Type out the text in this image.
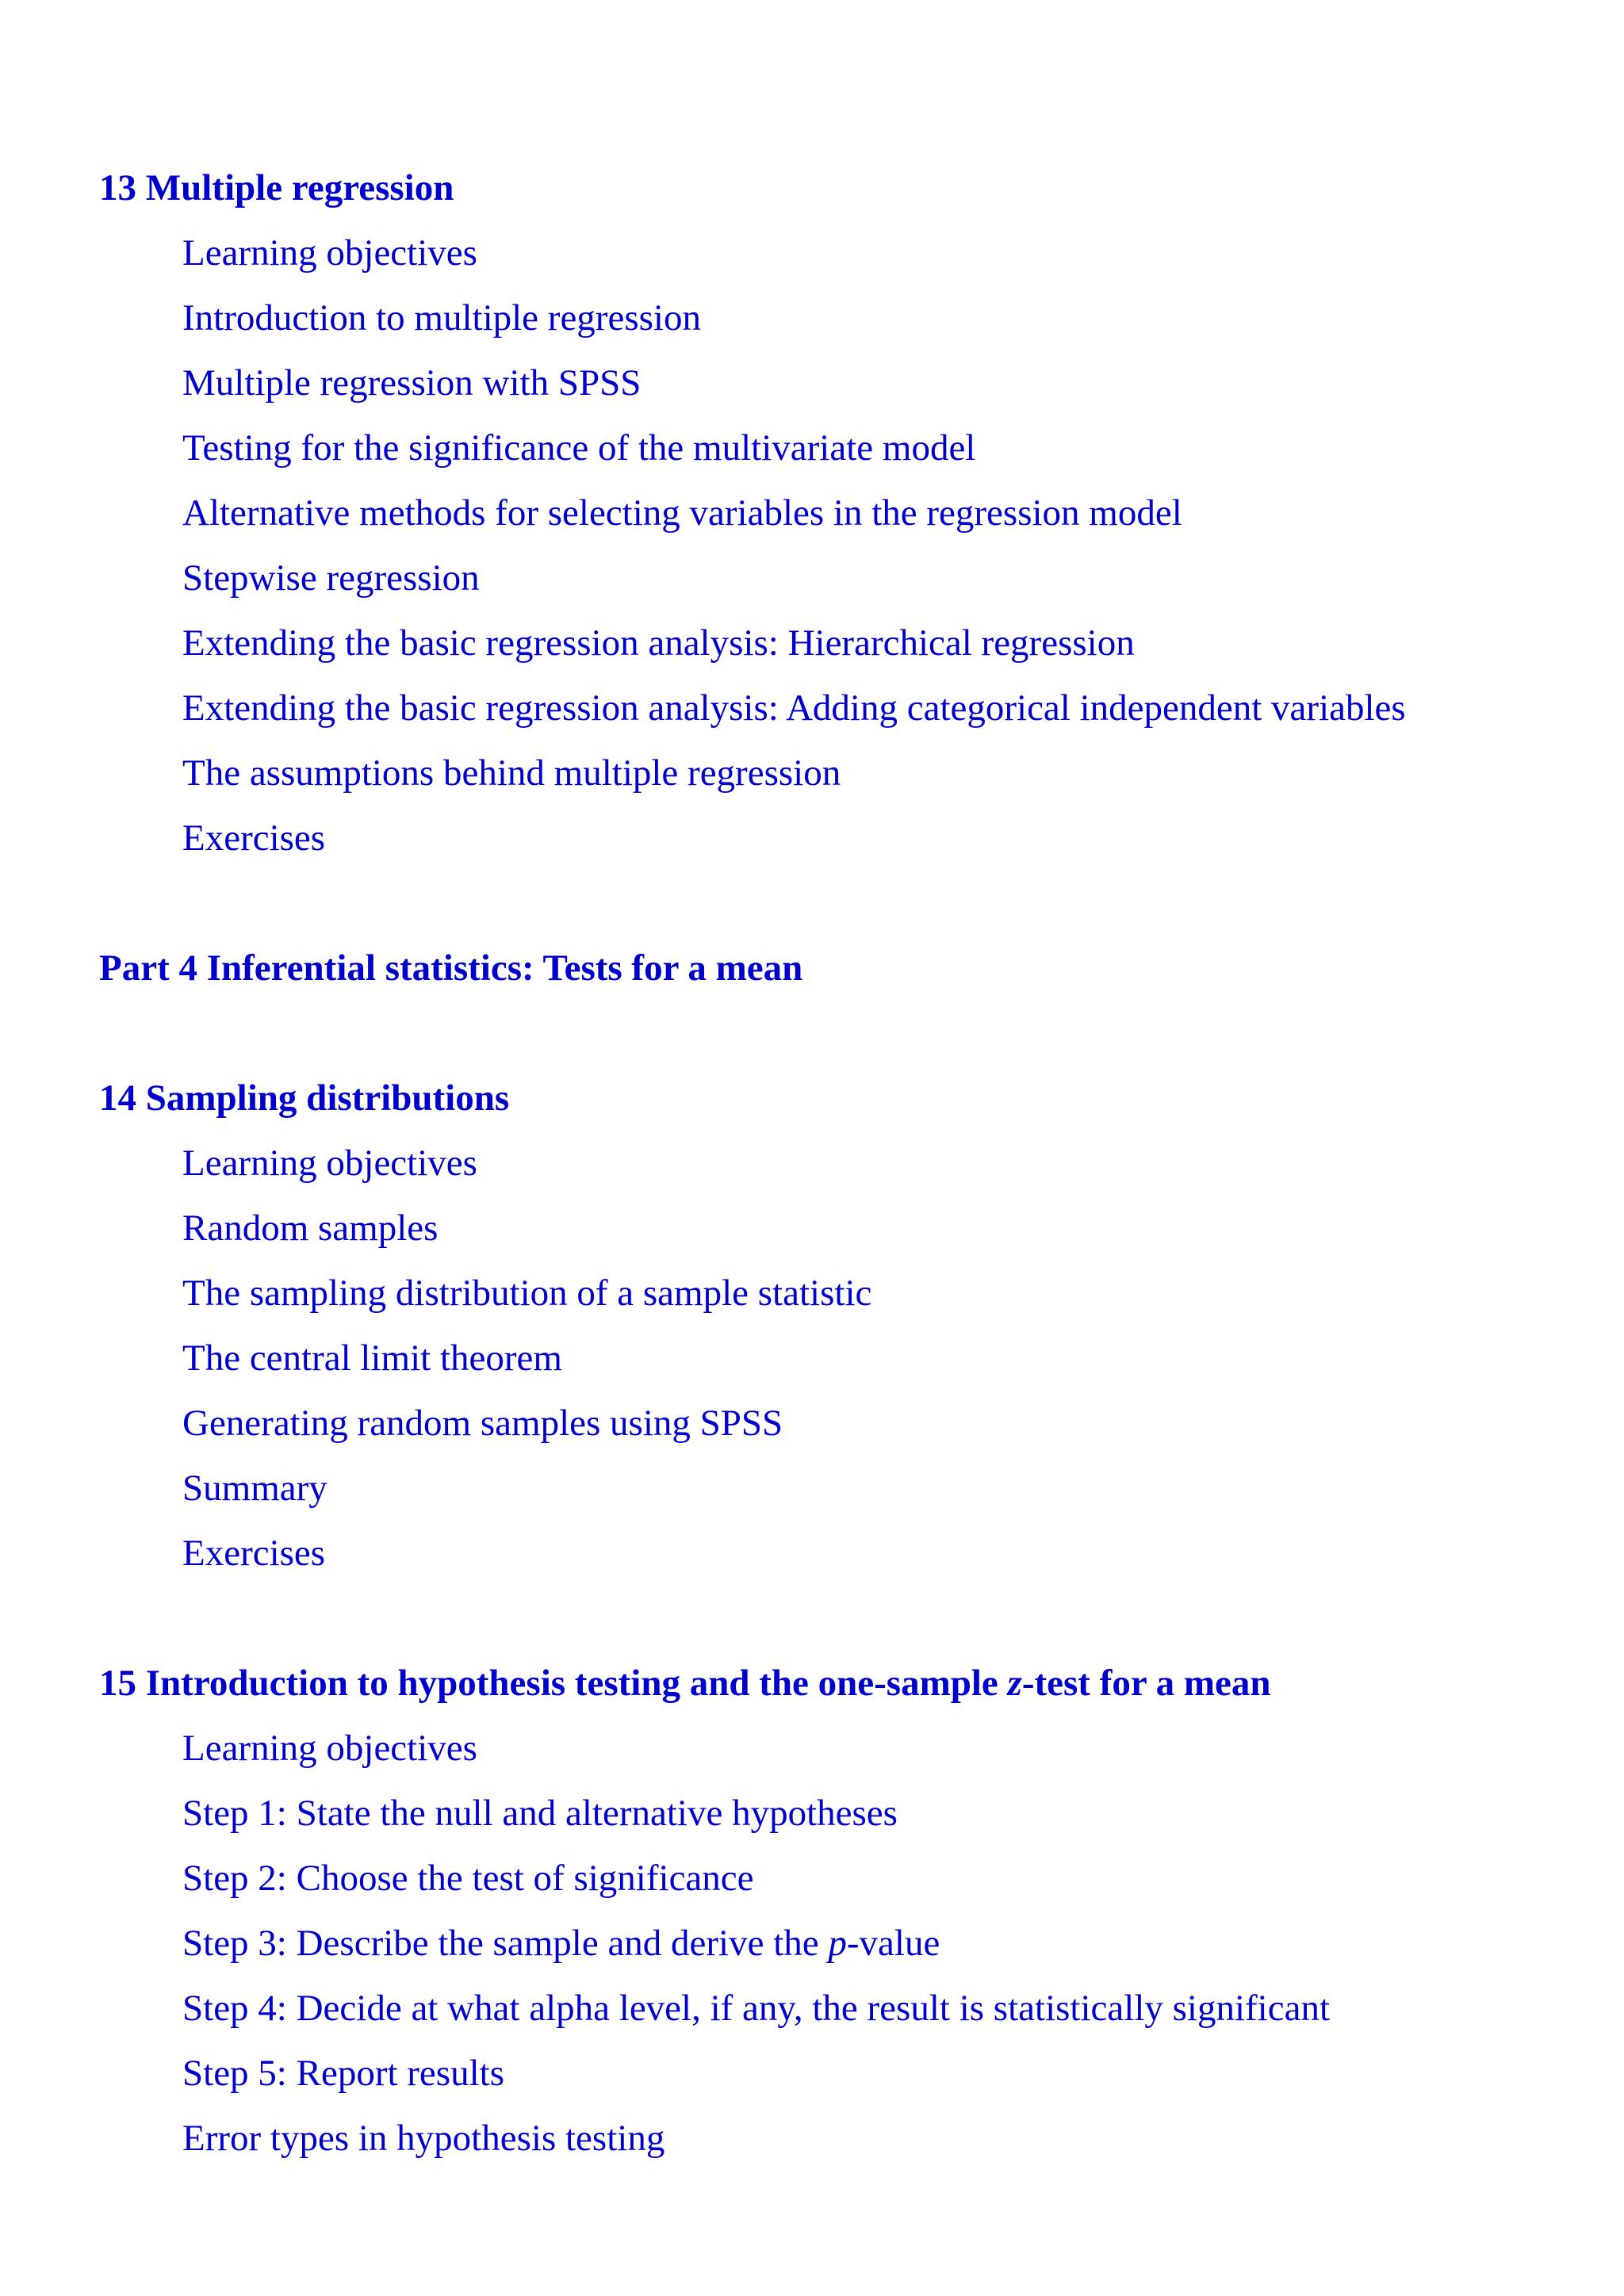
13 Multiple regression
Learning objectives
Introduction to multiple regression
Multiple regression with SPSS
Testing for the significance of the multivariate model
Alternative methods for selecting variables in the regression model
Stepwise regression
Extending the basic regression analysis: Hierarchical regression
Extending the basic regression analysis: Adding categorical independent variables
The assumptions behind multiple regression
Exercises
Part 4 Inferential statistics: Tests for a mean
14 Sampling distributions
Learning objectives
Random samples
The sampling distribution of a sample statistic
The central limit theorem
Generating random samples using SPSS
Summary
Exercises
15 Introduction to hypothesis testing and the one-sample z-test for a mean
Learning objectives
Step 1: State the null and alternative hypotheses
Step 2: Choose the test of significance
Step 3: Describe the sample and derive the p-value
Step 4: Decide at what alpha level, if any, the result is statistically significant
Step 5: Report results
Error types in hypothesis testing
